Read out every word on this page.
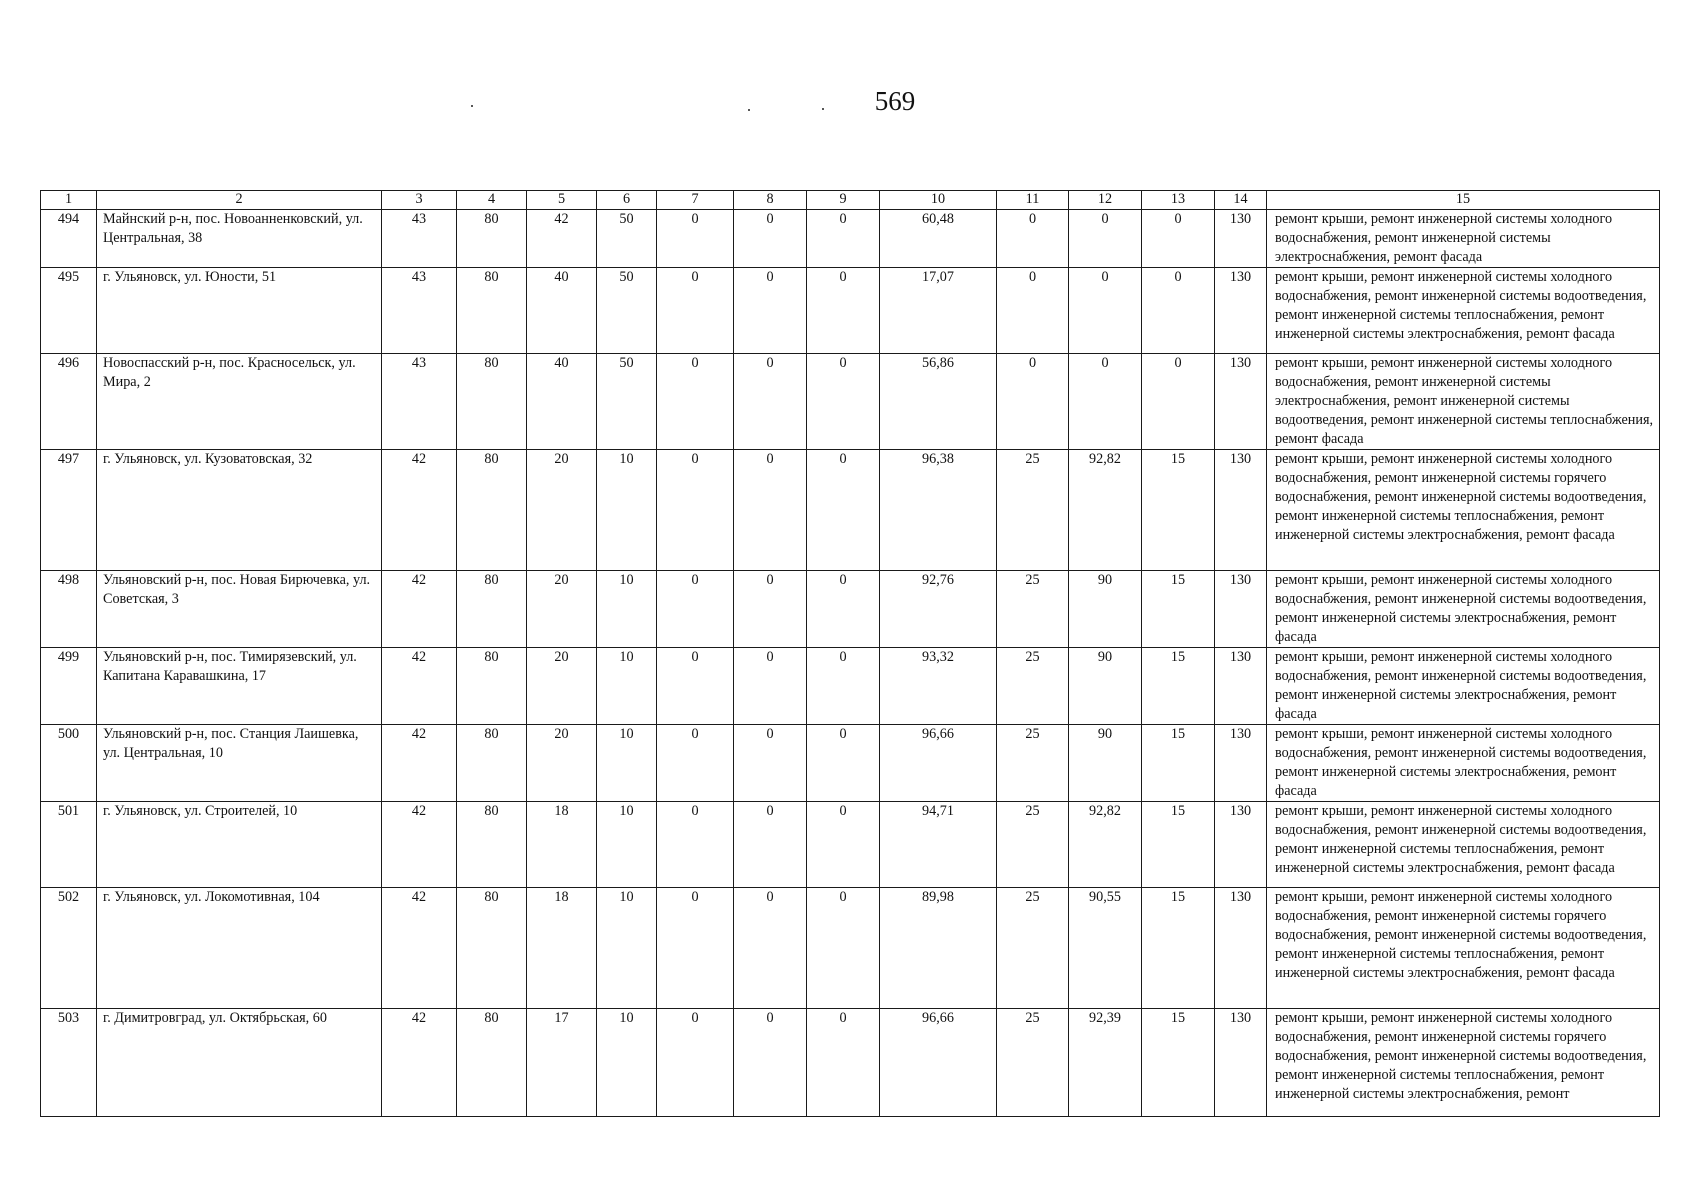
569
1	2	3	4	5	6	7	8	9	10	11	12	13	14	15
494	Майнский р-н, пос. Новоанненковский, ул. Центральная, 38	43	80	42	50	0	0	0	60,48	0	0	0	130	ремонт крыши, ремонт инженерной системы холодного водоснабжения, ремонт инженерной системы электроснабжения, ремонт фасада
495	г. Ульяновск, ул. Юности, 51	43	80	40	50	0	0	0	17,07	0	0	0	130	ремонт крыши, ремонт инженерной системы холодного водоснабжения, ремонт инженерной системы водоотведения, ремонт инженерной системы теплоснабжения, ремонт инженерной системы электроснабжения, ремонт фасада
496	Новоспасский р-н, пос. Красносельск, ул. Мира, 2	43	80	40	50	0	0	0	56,86	0	0	0	130	ремонт крыши, ремонт инженерной системы холодного водоснабжения, ремонт инженерной системы электроснабжения, ремонт инженерной системы водоотведения, ремонт инженерной системы теплоснабжения, ремонт фасада
497	г. Ульяновск, ул. Кузоватовская, 32	42	80	20	10	0	0	0	96,38	25	92,82	15	130	ремонт крыши, ремонт инженерной системы холодного водоснабжения, ремонт инженерной системы горячего водоснабжения, ремонт инженерной системы водоотведения, ремонт инженерной системы теплоснабжения, ремонт инженерной системы электроснабжения, ремонт фасада
498	Ульяновский р-н, пос. Новая Бирючевка, ул. Советская, 3	42	80	20	10	0	0	0	92,76	25	90	15	130	ремонт крыши, ремонт инженерной системы холодного водоснабжения, ремонт инженерной системы водоотведения, ремонт инженерной системы электроснабжения, ремонт фасада
499	Ульяновский р-н, пос. Тимирязевский, ул. Капитана Каравашкина, 17	42	80	20	10	0	0	0	93,32	25	90	15	130	ремонт крыши, ремонт инженерной системы холодного водоснабжения, ремонт инженерной системы водоотведения, ремонт инженерной системы электроснабжения, ремонт фасада
500	Ульяновский р-н, пос. Станция Лаишевка, ул. Центральная, 10	42	80	20	10	0	0	0	96,66	25	90	15	130	ремонт крыши, ремонт инженерной системы холодного водоснабжения, ремонт инженерной системы водоотведения, ремонт инженерной системы электроснабжения, ремонт фасада
501	г. Ульяновск, ул. Строителей, 10	42	80	18	10	0	0	0	94,71	25	92,82	15	130	ремонт крыши, ремонт инженерной системы холодного водоснабжения, ремонт инженерной системы водоотведения, ремонт инженерной системы теплоснабжения, ремонт инженерной системы электроснабжения, ремонт фасада
502	г. Ульяновск, ул. Локомотивная, 104	42	80	18	10	0	0	0	89,98	25	90,55	15	130	ремонт крыши, ремонт инженерной системы холодного водоснабжения, ремонт инженерной системы горячего водоснабжения, ремонт инженерной системы водоотведения, ремонт инженерной системы теплоснабжения, ремонт инженерной системы электроснабжения, ремонт фасада
503	г. Димитровград, ул. Октябрьская, 60	42	80	17	10	0	0	0	96,66	25	92,39	15	130	ремонт крыши, ремонт инженерной системы холодного водоснабжения, ремонт инженерной системы горячего водоснабжения, ремонт инженерной системы водоотведения, ремонт инженерной системы теплоснабжения, ремонт инженерной системы электроснабжения, ремонт
